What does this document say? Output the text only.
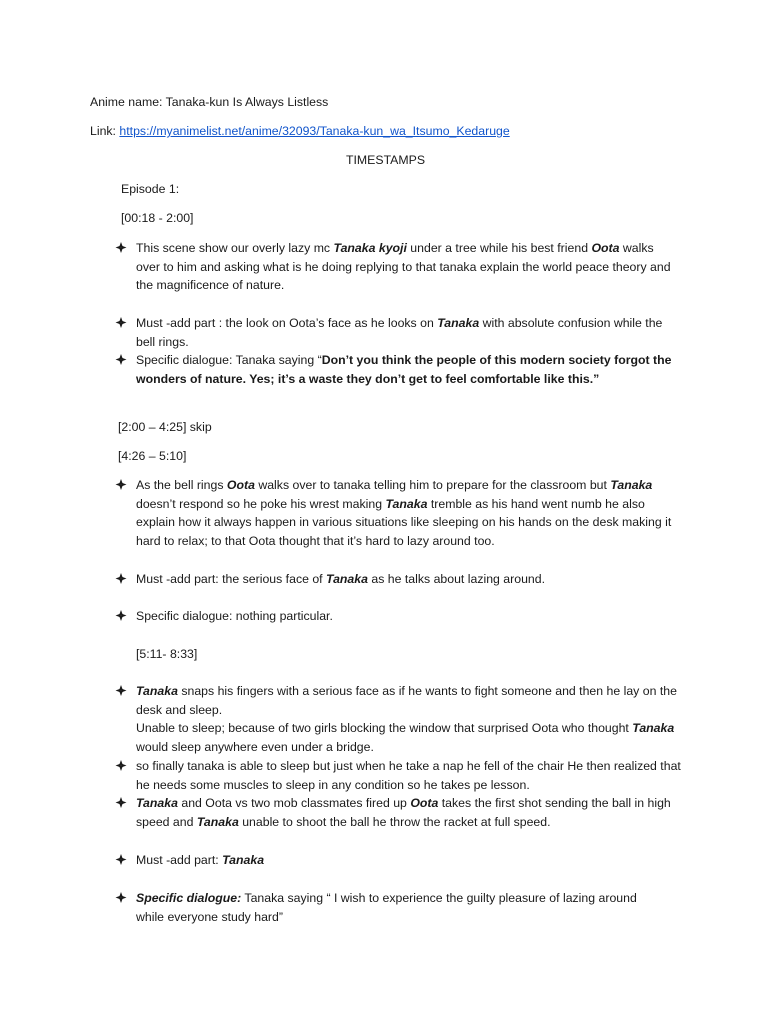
Anime name: Tanaka-kun Is Always Listless
Link: https://myanimelist.net/anime/32093/Tanaka-kun_wa_Itsumo_Kedaruge
TIMESTAMPS
Episode 1:
[00:18 - 2:00]
This scene show our overly lazy mc Tanaka kyoji under a tree while his best friend Oota walks over to him and asking what is he doing replying to that tanaka explain the world peace theory and the magnificence of nature.
Must -add part : the look on Oota’s face as he looks on Tanaka with absolute confusion while the bell rings.
Specific dialogue: Tanaka saying “Don’t you think the people of this modern society forgot the wonders of nature. Yes; it’s a waste they don’t get to feel comfortable like this.”
[2:00 – 4:25] skip
[4:26 – 5:10]
As the bell rings Oota walks over to tanaka telling him to prepare for the classroom but Tanaka doesn’t respond so he poke his wrest making Tanaka tremble as his hand went numb he also explain how it always happen in various situations like sleeping on his hands on the desk making it hard to relax; to that Oota thought that it’s hard to lazy around too.
Must -add part: the serious face of Tanaka as he talks about lazing around.
Specific dialogue: nothing particular.
[5:11- 8:33]
Tanaka snaps his fingers with a serious face as if he wants to fight someone and then he lay on the desk and sleep.
Unable to sleep; because of two girls blocking the window that surprised Oota who thought Tanaka would sleep anywhere even under a bridge.
so finally tanaka is able to sleep but just when he take a nap he fell of the chair He then realized that he needs some muscles to sleep in any condition so he takes pe lesson.
Tanaka and Oota vs two mob classmates fired up Oota takes the first shot sending the ball in high speed and Tanaka unable to shoot the ball he throw the racket at full speed.
Must -add part: Tanaka
Specific dialogue: Tanaka saying “ I wish to experience the guilty pleasure of lazing around while everyone study hard”
